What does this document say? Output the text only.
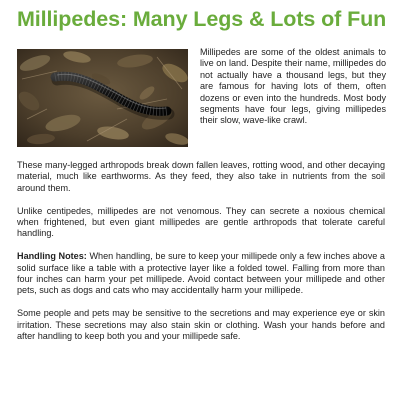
Millipedes: Many Legs & Lots of Fun

Millipedes are some of the oldest animals to live on land. Despite their name, millipedes do not actually have a thousand legs, but they are famous for having lots of them, often dozens or even into the hundreds. Most body segments have four legs, giving millipedes their slow, wave-like crawl.

These many-legged arthropods break down fallen leaves, rotting wood, and other decaying material, much like earthworms. As they feed, they also take in nutrients from the soil around them.

Unlike centipedes, millipedes are not venomous. They can secrete a noxious chemical when frightened, but even giant millipedes are gentle arthropods that tolerate careful handling.

Handling Notes: When handling, be sure to keep your millipede only a few inches above a solid surface like a table with a protective layer like a folded towel. Falling from more than four inches can harm your pet millipede. Avoid contact between your millipede and other pets, such as dogs and cats who may accidentally harm your millipede.

Some people and pets may be sensitive to the secretions and may experience eye or skin irritation. These secretions may also stain skin or clothing. Wash your hands before and after handling to keep both you and your millipede safe.
